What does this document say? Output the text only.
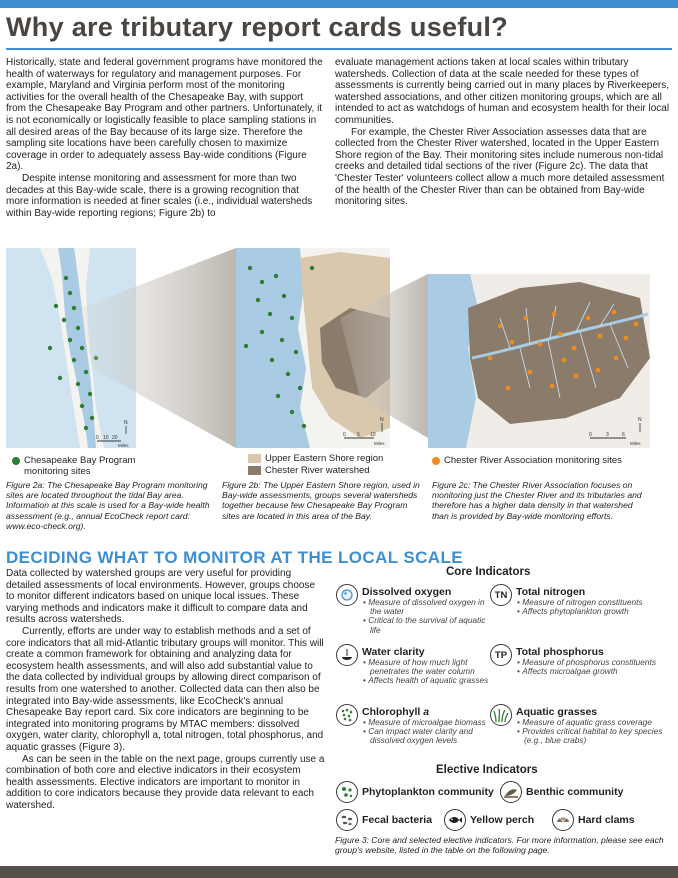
Why are tributary report cards useful?

Historically, state and federal government programs have monitored the health of waterways for regulatory and management purposes. For example, Maryland and Virginia perform most of the monitoring activities for the overall health of the Chesapeake Bay, with support from the Chesapeake Bay Program and other partners. Unfortunately, it is not economically or logistically feasible to place sampling stations in all desired areas of the Bay because of its large size. Therefore the sampling site locations have been carefully chosen to maximize coverage in order to adequately assess Bay-wide conditions (Figure 2a).

Despite intense monitoring and assessment for more than two decades at this Bay-wide scale, there is a growing recognition that more information is needed at finer scales (i.e., individual watersheds within Bay-wide reporting regions; Figure 2b) to

evaluate management actions taken at local scales within tributary watersheds. Collection of data at the scale needed for these types of assessments is currently being carried out in many places by Riverkeepers, watershed associations, and other citizen monitoring groups, which are all intended to act as watchdogs of human and ecosystem health for their local communities.

For example, the Chester River Association assesses data that are collected from the Chester River watershed, located in the Upper Eastern Shore region of the Bay. Their monitoring sites include numerous non-tidal creeks and detailed tidal sections of the river (Figure 2c). The data that 'Chester Tester' volunteers collect allow a much more detailed assessment of the health of the Chester River than can be obtained from Bay-wide monitoring sites.

0 10 20
Miles
N
0 5 10
Miles
N
0	3	6
Miles
N
Chesapeake Bay Program
monitoring sites
Upper Eastern Shore region
Chester River watershed
Chester River Association monitoring sites

Figure 2a: The Chesapeake Bay Program monitoring sites are located throughout the tidal Bay area. Information at this scale is used for a Bay-wide health assessment (e.g., annual EcoCheck report card: www.eco-check.org).

Figure 2b: The Upper Eastern Shore region, used in Bay-wide assessments, groups several watersheds together because few Chesapeake Bay Program sites are located in this area of the Bay.

Figure 2c: The Chester River Association focuses on monitoring just the Chester River and its tributaries and therefore has a higher data density in that watershed than is provided by Bay-wide monitoring efforts.

DECIDING WHAT TO MONITOR AT THE LOCAL SCALE

Data collected by watershed groups are very useful for providing detailed assessments of local environments. However, groups choose to monitor different indicators based on unique local issues. These varying methods and indicators make it difficult to compare data and results across watersheds.

Currently, efforts are under way to establish methods and a set of core indicators that all mid-Atlantic tributary groups will monitor. This will create a common framework for obtaining and analyzing data for ecosystem health assessments, and will also add substantial value to the data collected by individual groups by allowing direct comparison of results from one watershed to another. Collected data can then also be integrated into Bay-wide assessments, like EcoCheck's annual Chesapeake Bay report card. Six core indicators are beginning to be integrated into monitoring programs by MTAC members: dissolved oxygen, water clarity, chlorophyll a, total nitrogen, total phosphorus, and aquatic grasses (Figure 3).

As can be seen in the table on the next page, groups currently use a combination of both core and elective indicators in their ecosystem health assessments. Elective indicators are important to monitor in addition to core indicators because they provide data relevant to each watershed.

Core Indicators

Dissolved oxygen
• Measure of dissolved oxygen in the water
• Critical to the survival of aquatic life
TN Total nitrogen
• Measure of nitrogen constituents
• Affects phytoplankton growth
Water clarity
• Measure of how much light penetrates the water column
• Affects health of aquatic grasses
TP Total phosphorus
• Measure of phosphorus constituents
• Affects microalgae growth
Chlorophyll a
• Measure of microalgae biomass
• Can impact water clarity and dissolved oxygen levels
Aquatic grasses
• Measure of aquatic grass coverage
• Provides critical habitat to key species (e.g., blue crabs)

Elective Indicators

Phytoplankton community	Benthic community
Fecal bacteria	Yellow perch	Hard clams

Figure 3: Core and selected elective indicators. For more information, please see each group's website, listed in the table on the following page.
